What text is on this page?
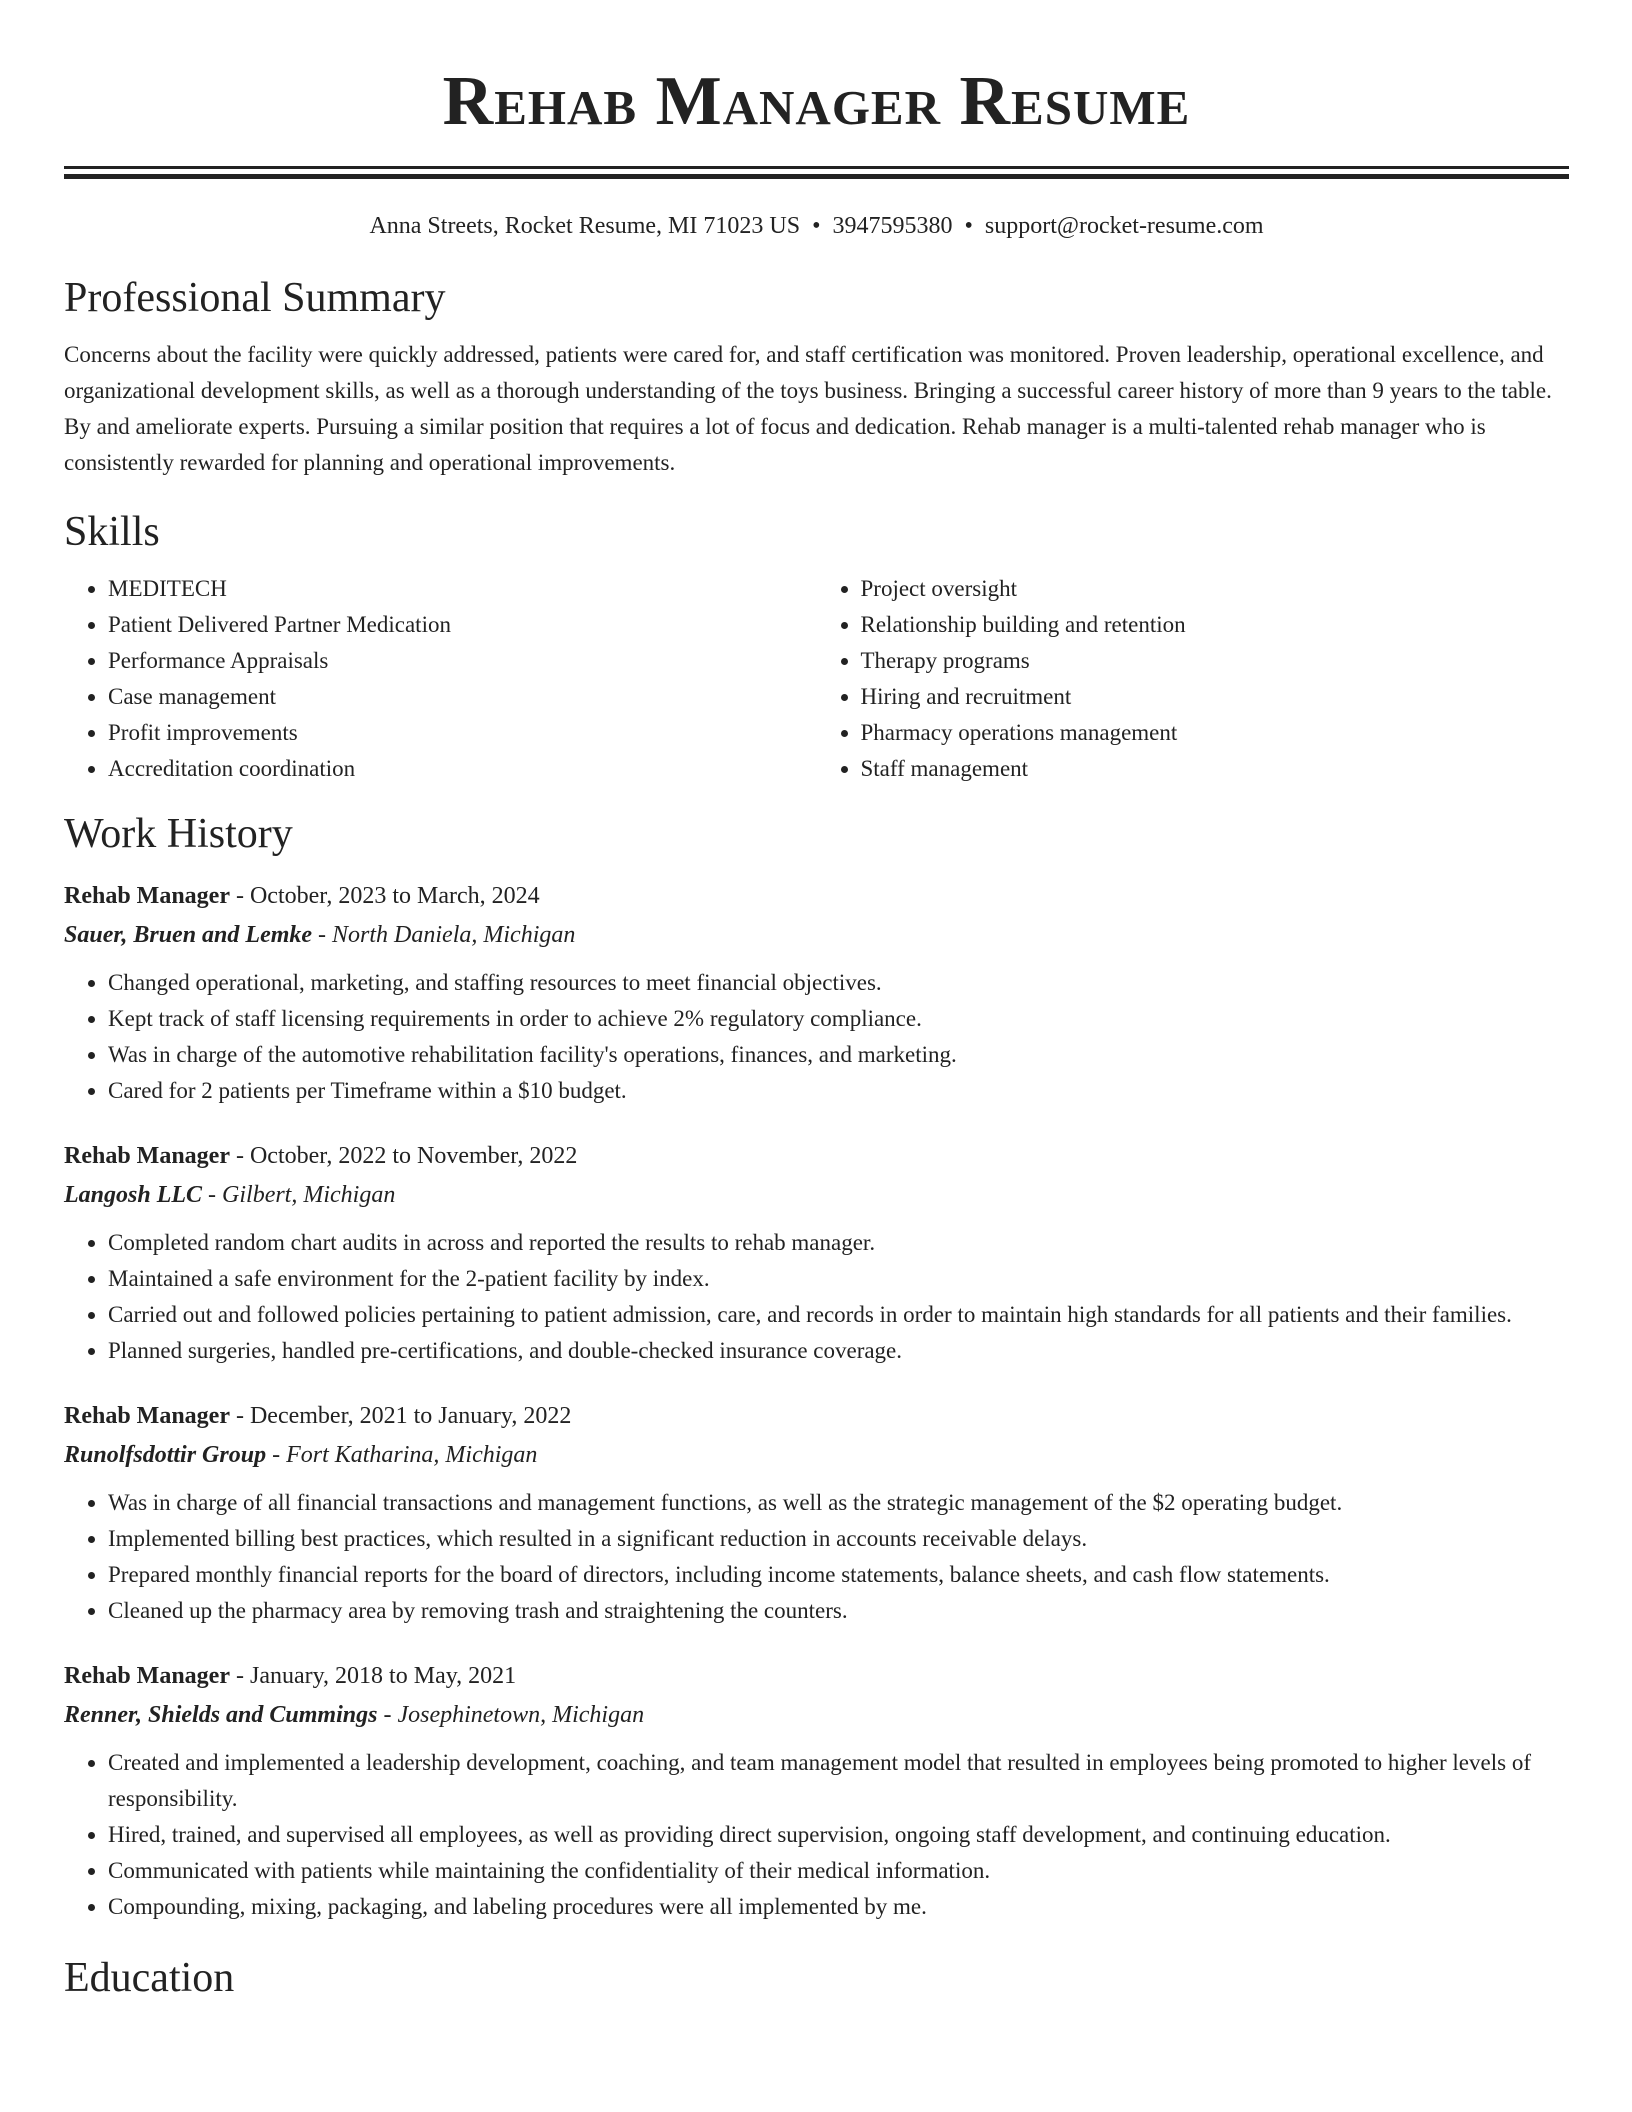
Rehab Manager Resume
Anna Streets, Rocket Resume, MI 71023 US • 3947595380 • support@rocket-resume.com
Professional Summary

Concerns about the facility were quickly addressed, patients were cared for, and staff certification was monitored. Proven leadership, operational excellence, and organizational development skills, as well as a thorough understanding of the toys business. Bringing a successful career history of more than 9 years to the table. By and ameliorate experts. Pursuing a similar position that requires a lot of focus and dedication. Rehab manager is a multi-talented rehab manager who is consistently rewarded for planning and operational improvements.

Skills
• MEDITECH
• Patient Delivered Partner Medication
• Performance Appraisals
• Case management
• Profit improvements
• Accreditation coordination
• Project oversight
• Relationship building and retention
• Therapy programs
• Hiring and recruitment
• Pharmacy operations management
• Staff management
Work History
Rehab Manager - October, 2023 to March, 2024
Sauer, Bruen and Lemke - North Daniela, Michigan
• Changed operational, marketing, and staffing resources to meet financial objectives.
• Kept track of staff licensing requirements in order to achieve 2% regulatory compliance.
• Was in charge of the automotive rehabilitation facility's operations, finances, and marketing.
• Cared for 2 patients per Timeframe within a $10 budget.
Rehab Manager - October, 2022 to November, 2022
Langosh LLC - Gilbert, Michigan
• Completed random chart audits in across and reported the results to rehab manager.
• Maintained a safe environment for the 2-patient facility by index.
• Carried out and followed policies pertaining to patient admission, care, and records in order to maintain high standards for all patients and their families.
• Planned surgeries, handled pre-certifications, and double-checked insurance coverage.
Rehab Manager - December, 2021 to January, 2022
Runolfsdottir Group - Fort Katharina, Michigan
• Was in charge of all financial transactions and management functions, as well as the strategic management of the $2 operating budget.
• Implemented billing best practices, which resulted in a significant reduction in accounts receivable delays.
• Prepared monthly financial reports for the board of directors, including income statements, balance sheets, and cash flow statements.
• Cleaned up the pharmacy area by removing trash and straightening the counters.
Rehab Manager - January, 2018 to May, 2021
Renner, Shields and Cummings - Josephinetown, Michigan
• Created and implemented a leadership development, coaching, and team management model that resulted in employees being promoted to higher levels of responsibility.
• Hired, trained, and supervised all employees, as well as providing direct supervision, ongoing staff development, and continuing education.
• Communicated with patients while maintaining the confidentiality of their medical information.
• Compounding, mixing, packaging, and labeling procedures were all implemented by me.
Education
